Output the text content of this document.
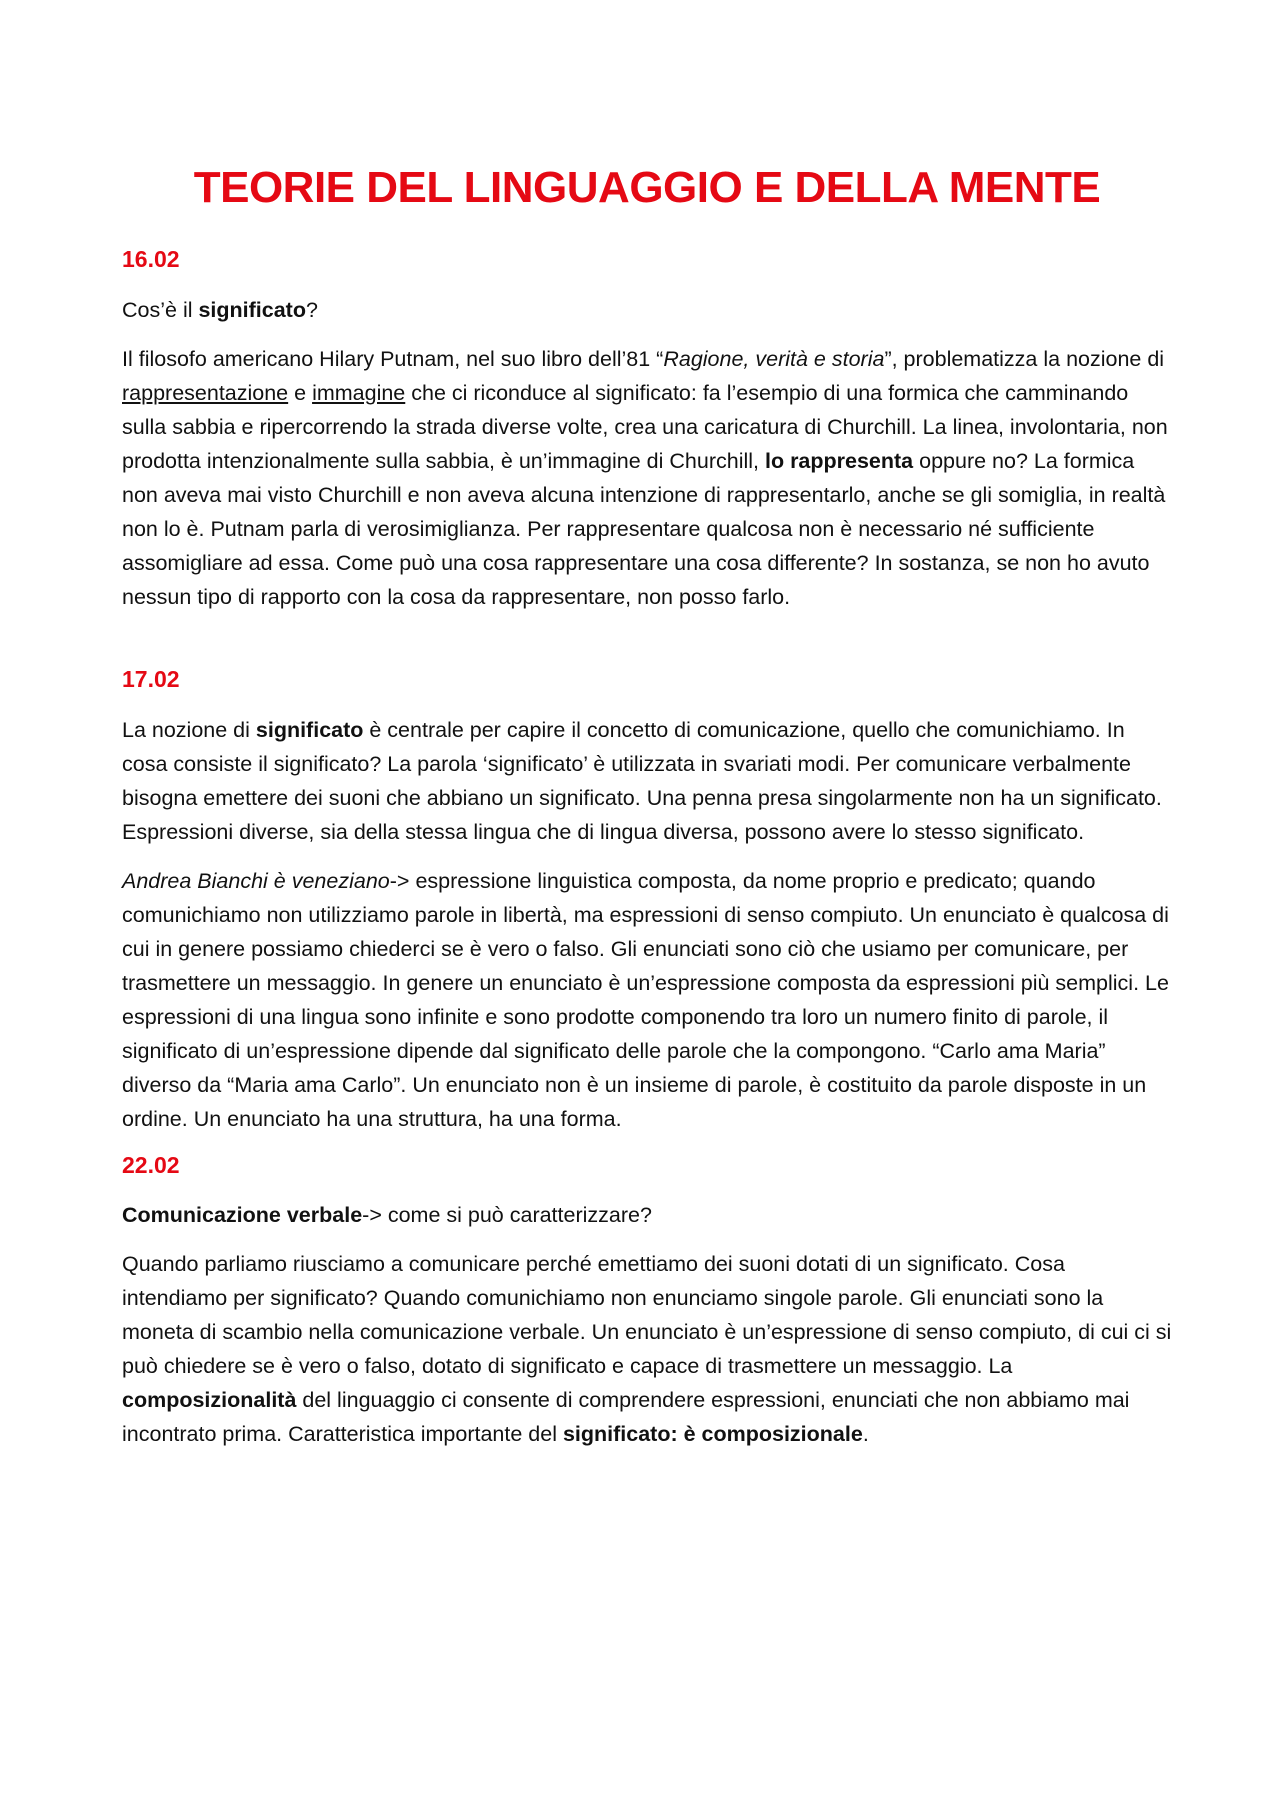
TEORIE DEL LINGUAGGIO E DELLA MENTE
16.02

Cos’è il significato?

Il filosofo americano Hilary Putnam, nel suo libro dell’81 “Ragione, verità e storia”, problematizza la nozione di rappresentazione e immagine che ci riconduce al significato: fa l’esempio di una formica che camminando sulla sabbia e ripercorrendo la strada diverse volte, crea una caricatura di Churchill. La linea, involontaria, non prodotta intenzionalmente sulla sabbia, è un’immagine di Churchill, lo rappresenta oppure no? La formica non aveva mai visto Churchill e non aveva alcuna intenzione di rappresentarlo, anche se gli somiglia, in realtà non lo è. Putnam parla di verosimiglianza. Per rappresentare qualcosa non è necessario né sufficiente assomigliare ad essa. Come può una cosa rappresentare una cosa differente? In sostanza, se non ho avuto nessun tipo di rapporto con la cosa da rappresentare, non posso farlo.

17.02

La nozione di significato è centrale per capire il concetto di comunicazione, quello che comunichiamo. In cosa consiste il significato? La parola ‘significato’ è utilizzata in svariati modi. Per comunicare verbalmente bisogna emettere dei suoni che abbiano un significato. Una penna presa singolarmente non ha un significato. Espressioni diverse, sia della stessa lingua che di lingua diversa, possono avere lo stesso significato.

Andrea Bianchi è veneziano-> espressione linguistica composta, da nome proprio e predicato; quando comunichiamo non utilizziamo parole in libertà, ma espressioni di senso compiuto. Un enunciato è qualcosa di cui in genere possiamo chiederci se è vero o falso. Gli enunciati sono ciò che usiamo per comunicare, per trasmettere un messaggio. In genere un enunciato è un’espressione composta da espressioni più semplici. Le espressioni di una lingua sono infinite e sono prodotte componendo tra loro un numero finito di parole, il significato di un’espressione dipende dal significato delle parole che la compongono. “Carlo ama Maria” diverso da “Maria ama Carlo”. Un enunciato non è un insieme di parole, è costituito da parole disposte in un ordine. Un enunciato ha una struttura, ha una forma.

22.02

Comunicazione verbale-> come si può caratterizzare?

Quando parliamo riusciamo a comunicare perché emettiamo dei suoni dotati di un significato. Cosa intendiamo per significato? Quando comunichiamo non enunciamo singole parole. Gli enunciati sono la moneta di scambio nella comunicazione verbale. Un enunciato è un’espressione di senso compiuto, di cui ci si può chiedere se è vero o falso, dotato di significato e capace di trasmettere un messaggio. La composizionalità del linguaggio ci consente di comprendere espressioni, enunciati che non abbiamo mai incontrato prima. Caratteristica importante del significato: è composizionale.
